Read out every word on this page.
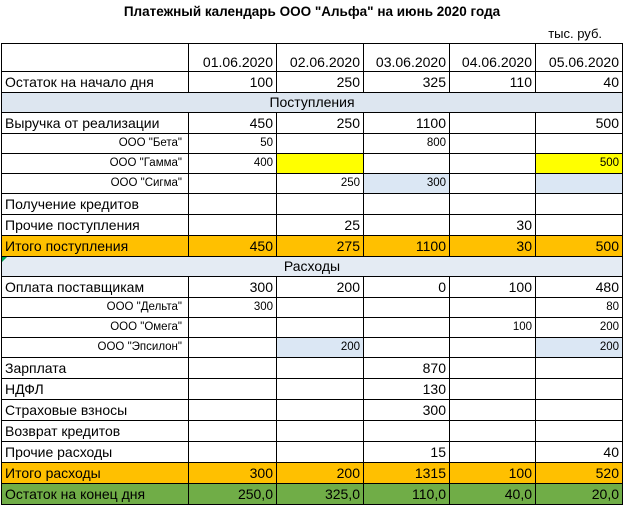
Платежный календарь ООО "Альфа" на июнь 2020 года
тыс. руб.
	01.06.2020	02.06.2020	03.06.2020	04.06.2020	05.06.2020
Остаток на начало дня	100	250	325	110	40
Поступления					
Выручка от реализации	450	250	1100		500
ООО "Бета"	50		800		
ООО "Гамма"	400				500
ООО "Сигма"		250	300		
Получение кредитов					
Прочие поступления		25		30	
Итого поступления	450	275	1100	30	500
Расходы					
Оплата поставщикам	300	200	0	100	480
ООО "Дельта"	300				80
ООО "Омега"				100	200
ООО "Эпсилон"		200			200
Зарплата			870		
НДФЛ			130		
Страховые взносы			300		
Возврат кредитов					
Прочие расходы			15		40
Итого расходы	300	200	1315	100	520
Остаток на конец дня	250,0	325,0	110,0	40,0	20,0
